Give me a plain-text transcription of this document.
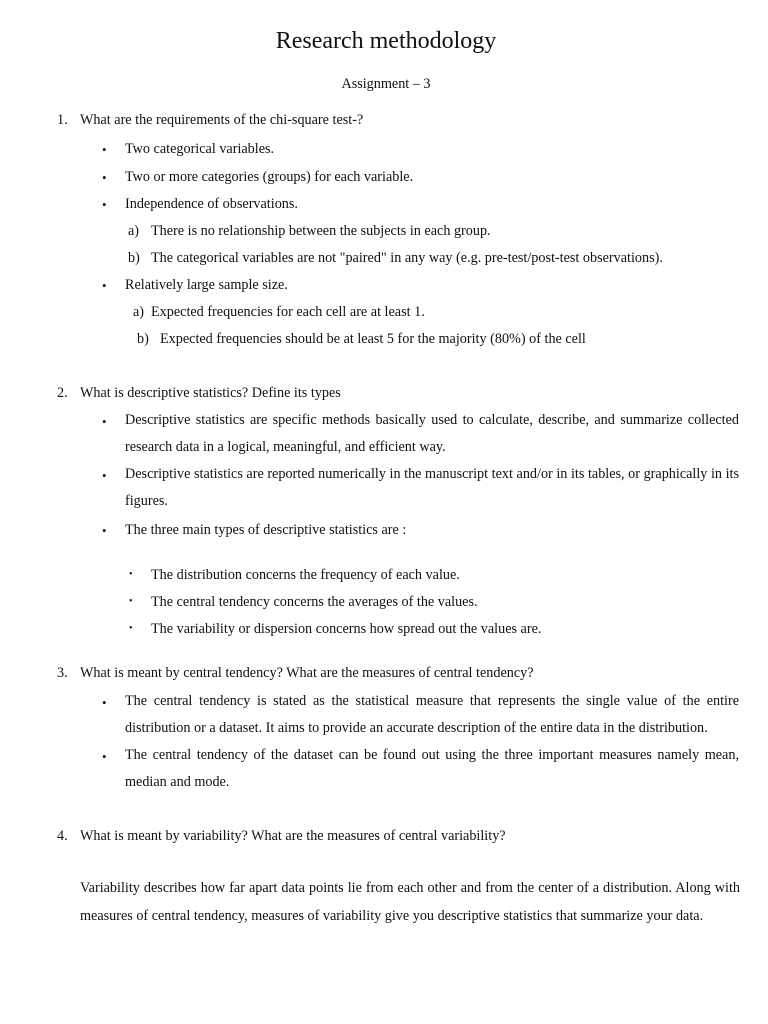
Research methodology
Assignment – 3
1. What are the requirements of the chi-square test-?
• Two categorical variables.
• Two or more categories (groups) for each variable.
• Independence of observations.
a) There is no relationship between the subjects in each group.
b) The categorical variables are not "paired" in any way (e.g. pre-test/post-test observations).
• Relatively large sample size.
a) Expected frequencies for each cell are at least 1.
b) Expected frequencies should be at least 5 for the majority (80%) of the cell
2. What is descriptive statistics? Define its types
• Descriptive statistics are specific methods basically used to calculate, describe, and summarize collected research data in a logical, meaningful, and efficient way.
• Descriptive statistics are reported numerically in the manuscript text and/or in its tables, or graphically in its figures.
• The three main types of descriptive statistics are :
• The distribution concerns the frequency of each value.
• The central tendency concerns the averages of the values.
• The variability or dispersion concerns how spread out the values are.
3. What is meant by central tendency? What are the measures of central tendency?
• The central tendency is stated as the statistical measure that represents the single value of the entire distribution or a dataset. It aims to provide an accurate description of the entire data in the distribution.
• The central tendency of the dataset can be found out using the three important measures namely mean, median and mode.
4. What is meant by variability? What are the measures of central variability?
Variability describes how far apart data points lie from each other and from the center of a distribution. Along with measures of central tendency, measures of variability give you descriptive statistics that summarize your data.
